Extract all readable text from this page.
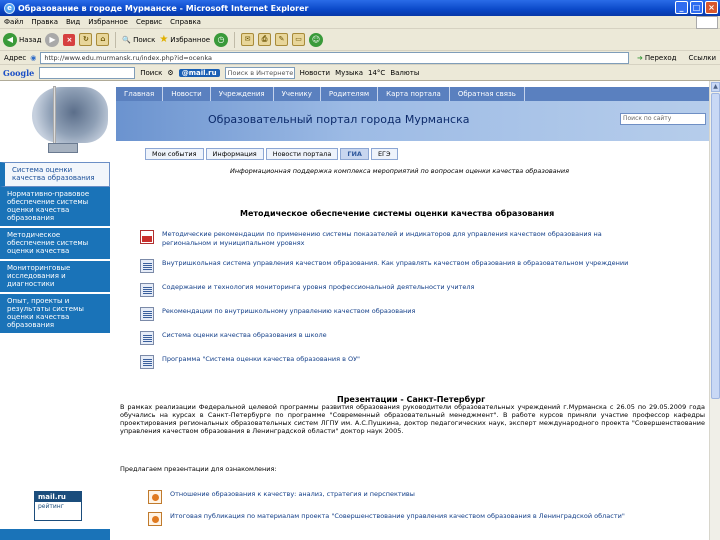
e Образование в городе Мурманске - Microsoft Internet Explorer	_	□ ×
Файл Правка Вид Избранное Сервис Справка
◀ Назад ▶	×	↻	⌂	🔍 Поиск ★ Избранное ◷	✉	⎙	✎	▭	☺
Адрес ◉	http://www.edu.murmansk.ru/index.php?id=ocenka	➜ Переход	Ссылки
Google	Поиск ⚙	@mail.ru	Поиск в Интернете Новости Музыка 14°C Валюты
Главная	Новости	Учреждения	Ученику	Родителям	Карта портала	Обратная связь
Образовательный портал города Мурманска	Поиск по сайту
Мои события	Информация	Новости портала	ГИА	ЕГЭ
Информационная поддержка комплекса мероприятий по вопросам оценки качества образования
Система оценки качества образования
Нормативно-правовое обеспечение системы оценки качества образования
Методическое обеспечение системы оценки качества
Мониторинговые исследования и диагностики
Опыт, проекты и результаты системы оценки качества образования
mail.ru
рейтинг
Методическое обеспечение системы оценки качества образования
Методические рекомендации по применению системы показателей и индикаторов для управления качеством образования на региональном и муниципальном уровнях
Внутришкольная система управления качеством образования. Как управлять качеством образования в образовательном учреждении
Содержание и технология мониторинга уровня профессиональной деятельности учителя
Рекомендации по внутришкольному управлению качеством образования
Система оценки качества образования в школе
Программа "Система оценки качества образования в ОУ"
Презентации - Санкт-Петербург
В рамках реализации Федеральной целевой программы развития образования руководители образовательных учреждений г.Мурманска с 26.05 по 29.05.2009 года обучались на курсах в Санкт-Петербурге по программе "Современный образовательный менеджмент". В работе курсов приняли участие профессор кафедры проектирования региональных образовательных систем ЛГПУ им. А.С.Пушкина, доктор педагогических наук, эксперт международного проекта "Совершенствование управления качеством образования в Ленинградской области" доктор наук 2005.
Предлагаем презентации для ознакомления:
Отношение образования к качеству: анализ, стратегия и перспективы
Итоговая публикация по материалам проекта "Совершенствование управления качеством образования в Ленинградской области"
▲
